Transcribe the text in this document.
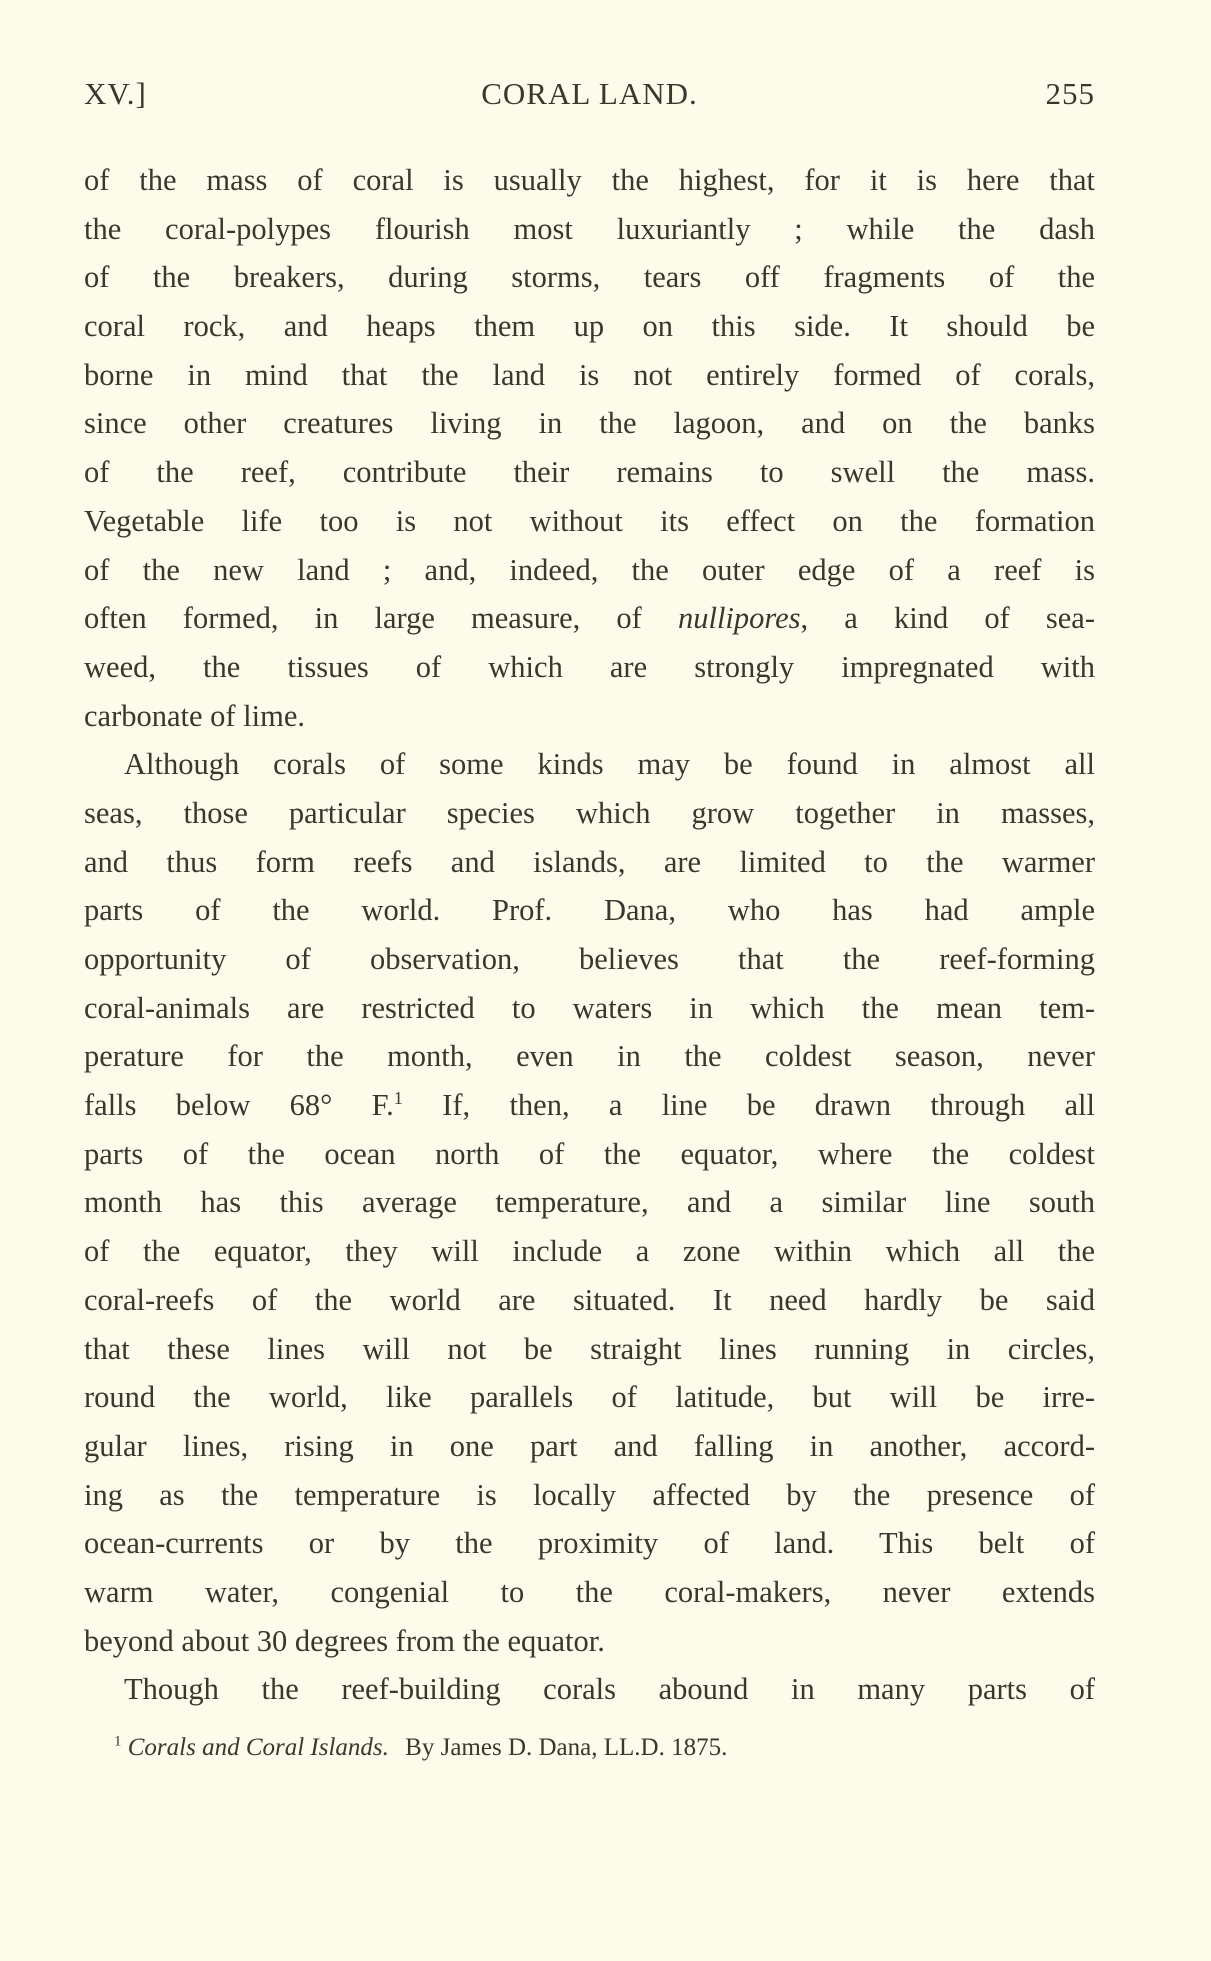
XV.]	CORAL LAND.	255
of the mass of coral is usually the highest, for it is here that
the coral-polypes flourish most luxuriantly ; while the dash
of the breakers, during storms, tears off fragments of the
coral rock, and heaps them up on this side. It should be
borne in mind that the land is not entirely formed of corals,
since other creatures living in the lagoon, and on the banks
of the reef, contribute their remains to swell the mass.
Vegetable life too is not without its effect on the formation
of the new land ; and, indeed, the outer edge of a reef is
often formed, in large measure, of nullipores, a kind of sea-
weed, the tissues of which are strongly impregnated with
carbonate of lime.
Although corals of some kinds may be found in almost all
seas, those particular species which grow together in masses,
and thus form reefs and islands, are limited to the warmer
parts of the world. Prof. Dana, who has had ample
opportunity of observation, believes that the reef-forming
coral-animals are restricted to waters in which the mean tem-
perature for the month, even in the coldest season, never
falls below 68° F.$^1$ If, then, a line be drawn through all
parts of the ocean north of the equator, where the coldest
month has this average temperature, and a similar line south
of the equator, they will include a zone within which all the
coral-reefs of the world are situated. It need hardly be said
that these lines will not be straight lines running in circles,
round the world, like parallels of latitude, but will be irre-
gular lines, rising in one part and falling in another, accord-
ing as the temperature is locally affected by the presence of
ocean-currents or by the proximity of land. This belt of
warm water, congenial to the coral-makers, never extends
beyond about 30 degrees from the equator.
Though the reef-building corals abound in many parts of
$^1$ Corals and Coral Islands. By James D. Dana, LL.D. 1875.
